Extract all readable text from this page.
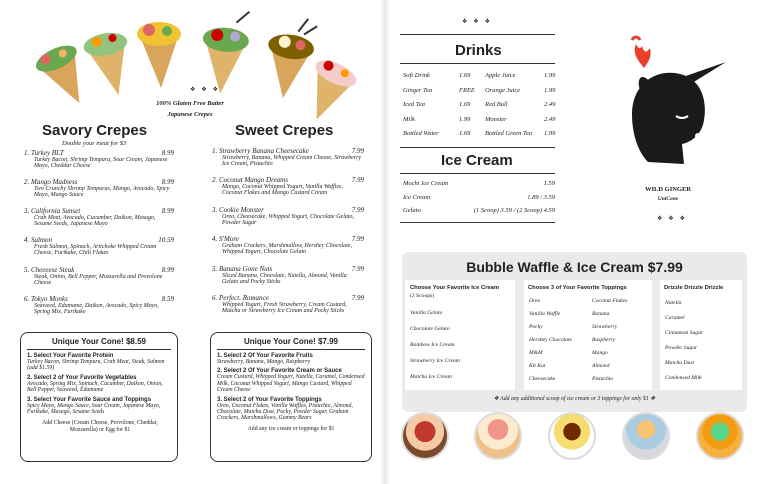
❖ ❖ ❖
100% Gluten Free Batter
Japanese Crepes
Savory Crepes
Double your meat for $3
1. Turkey BLT	8.99
Turkey Bacon, Shrimp Tempura, Sour Cream, Japanese Mayo, Cheddar Cheese
2. Mango Madness	8.99
Two Crunchy Shrimp Tempuras, Mango, Avocado, Spicy Mayo, Mango Sauce
3. California Sunset	8.99
Crab Meat, Avocado, Cucumber, Daikon, Masago, Sesame Seeds, Japanese Mayo
4. Salmon	10.59
Fresh Salmon, Spinach, Artichoke Whipped Cream Cheese, Furikake, Chili Flakes
5. Cheeeese Steak	8.99
Steak, Onion, Bell Pepper, Mozzarella and Provolone Cheese
6. Tokyo Monks	8.59
Seaweed, Edamame, Daikon, Avocado, Spicy Mayo, Spring Mix, Furikake
Sweet Crepes
1. Strawberry Banana Cheesecake	7.99
Strawberry, Banana, Whipped Cream Cheese, Strawberry Ice Cream, Pistachio
2. Coconut Mango Dreams	7.99
Mango, Coconut Whipped Yogurt, Vanilla Waffles, Coconut Flakes and Mango Custard Cream
3. Cookie Monster	7.99
Oreo, Cheesecake, Whipped Yogurt, Chocolate Gelato, Powder Sugar
4. S'More	7.99
Graham Crackers, Marshmallow, Hershey Chocolate, Whipped Yogurt, Chocolate Gelato
5. Banana Gone Nuts	7.99
Sliced Banana, Chocolate, Nutella, Almond, Vanilla Gelato and Pocky Sticks
6. Perfect. Romance	7.99
Whipped Yogurt, Fresh Strawberry, Cream Custard, Matcha or Strawberry Ice Cream and Pocky Sticks
Unique Your Cone! $8.59
1. Select Your Favorite Protein
Turkey Bacon, Shrimp Tempura, Crab Meat, Steak, Salmon (add $1.59)
2. Select 2 of Your Favorite Vegetables
Avocado, Spring Mix, Spinach, Cucumber, Daikon, Onion, Bell Pepper, Seaweed, Edamame
3. Select Your Favorite Sauce and Toppings
Spicy Mayo, Mango Sauce, Sour Cream, Japanese Mayo, Furikake, Masago, Sesame Seeds
Add Cheese (Cream Cheese, Provolone, Cheddar, Mozzarella) or Egg for $1
Unique Your Cone! $7.99
1. Select 2 Of Your Favorite Fruits
Strawberry, Banana, Mango, Raspberry
2. Select 2 Of Your Favorite Cream or Sauce
Cream Custard, Whipped Yogurt, Nutella, Caramel, Condensed Milk, Coconut Whipped Yogurt, Mango Custard, Whipped Cream Cheese
3. Select 2 of Your Favorite Toppings
Oreo, Coconut Flakes, Vanilla Waffles, Pistachio, Almond, Chocolate, Matcha Dust, Pocky, Powder Sugar, Graham Crackers, Marshmallows, Gummy Bears
Add any ice cream or toppings for $1
❖ ❖ ❖
Drinks
Soft Drink	1.69
Ginger Tea	FREE
Iced Tea	1.69
Milk	1.99
Bottled Water	1.69
Apple Juice	1.99
Orange Juice	1.99
Red Bull	2.49
Monster	2.49
Bottled Green Tea 1.99
Ice Cream
Mochi Ice Cream	1.59
Ice Cream	1.89 / 3.59
Gelato	(1 Scoop) 3.59 / (2 Scoop) 4.59
WILD GINGER
UniCone
❖ ❖ ❖
Bubble Waffle & Ice Cream $7.99
Choose Your Favorite Ice Cream
(2 Scoops)
Vanilla Gelato
Chocolate Gelato
Rainbow Ice Cream
Strawberry Ice Cream
Matcha Ice Cream
Choose 3 of Your Favorite Toppings
Oreo
Vanilla Waffle
Pocky
Hershey Chocolate
M&M
Kit Kat
Cheesecake
Coconut Flakes
Banana
Strawberry
Raspberry
Mango
Almond
Pistachio
Drizzle Drizzle Drizzle
Nutella
Caramel
Cinnamon Sugar
Powder Sugar
Matcha Dust
Condensed Milk
❖ Add any additional scoop of ice cream or 3 toppings for only $1 ❖
